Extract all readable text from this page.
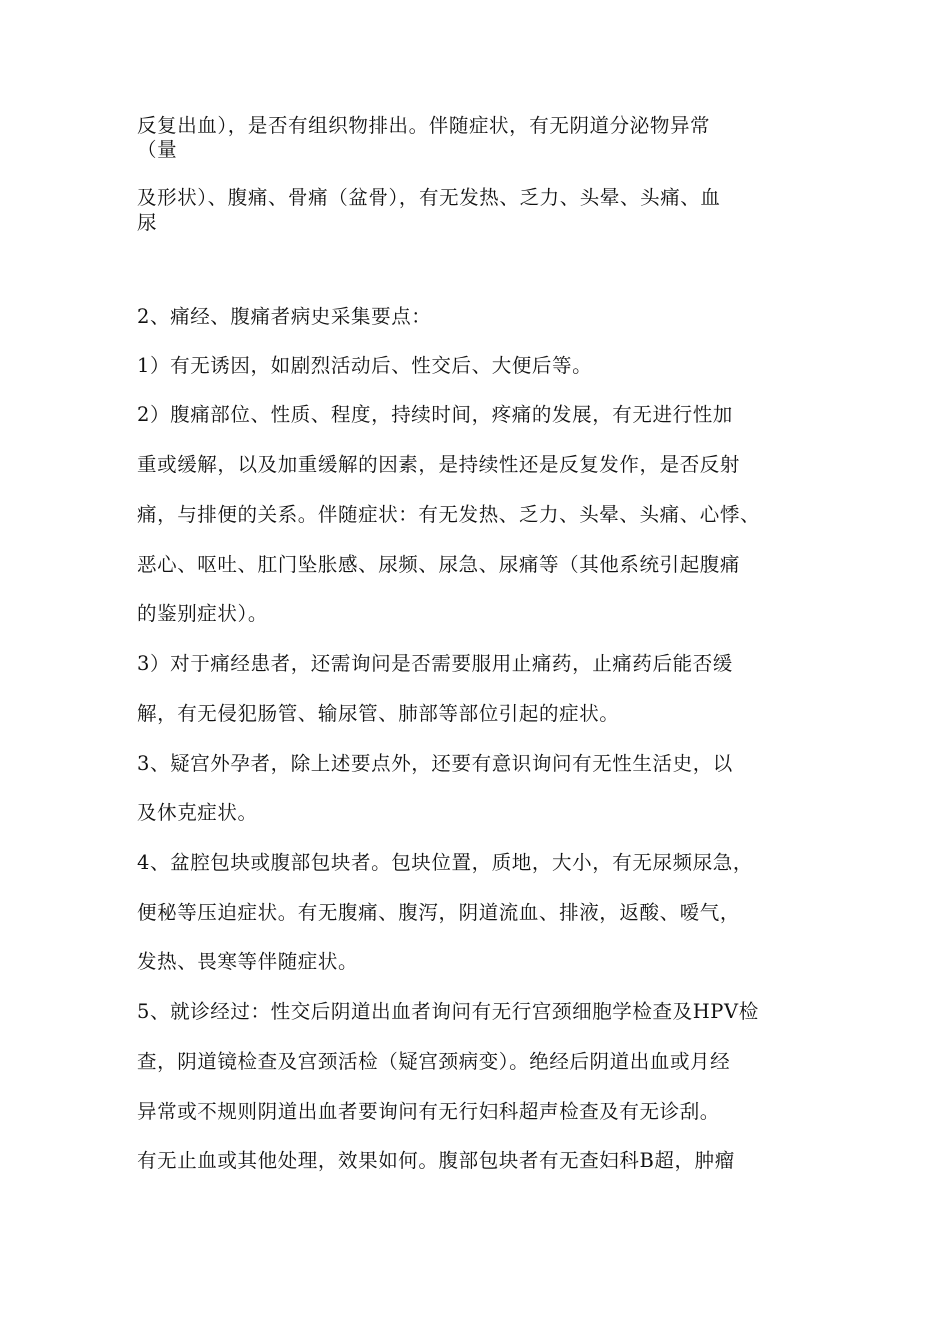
反复出血），是否有组织物排出。伴随症状，有无阴道分泌物异常
（量
及形状）、腹痛、骨痛（盆骨），有无发热、乏力、头晕、头痛、血
尿
2、痛经、腹痛者病史采集要点：
1）有无诱因，如剧烈活动后、性交后、大便后等。
2）腹痛部位、性质、程度，持续时间，疼痛的发展，有无进行性加
重或缓解，以及加重缓解的因素，是持续性还是反复发作，是否反射
痛，与排便的关系。伴随症状：有无发热、乏力、头晕、头痛、心悸、
恶心、呕吐、肛门坠胀感、尿频、尿急、尿痛等（其他系统引起腹痛
的鉴别症状）。
3）对于痛经患者，还需询问是否需要服用止痛药，止痛药后能否缓
解，有无侵犯肠管、输尿管、肺部等部位引起的症状。
3、疑宫外孕者，除上述要点外，还要有意识询问有无性生活史，以
及休克症状。
4、盆腔包块或腹部包块者。包块位置，质地，大小，有无尿频尿急，
便秘等压迫症状。有无腹痛、腹泻，阴道流血、排液，返酸、嗳气，
发热、畏寒等伴随症状。
5、就诊经过：性交后阴道出血者询问有无行宫颈细胞学检查及HPV检
查，阴道镜检查及宫颈活检（疑宫颈病变）。绝经后阴道出血或月经
异常或不规则阴道出血者要询问有无行妇科超声检查及有无诊刮。
有无止血或其他处理，效果如何。腹部包块者有无查妇科B超，肿瘤
